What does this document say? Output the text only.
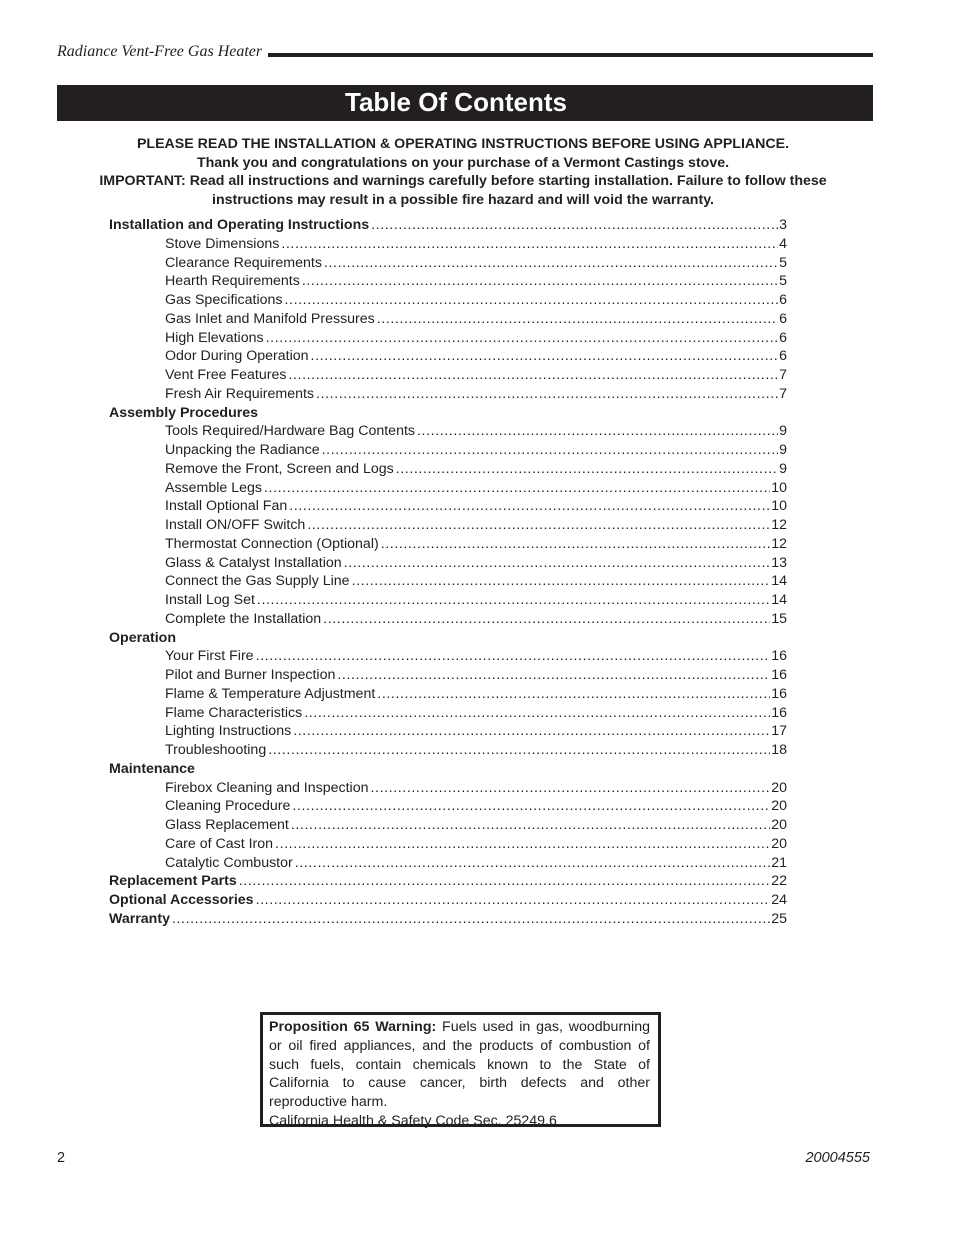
Radiance Vent-Free Gas Heater
Table Of Contents

PLEASE READ THE INSTALLATION & OPERATING INSTRUCTIONS BEFORE USING APPLIANCE.

Thank you and congratulations on your purchase of a Vermont Castings stove.

IMPORTANT: Read all instructions and warnings carefully before starting installation. Failure to follow these

instructions may result in a possible fire hazard and will void the warranty.

Installation and Operating Instructions .....	3
Stove Dimensions .....	4
Clearance Requirements .....	5
Hearth Requirements .....	5
Gas Specifications .....	6
Gas Inlet and Manifold Pressures .....	6
High Elevations .....	6
Odor During Operation .....	6
Vent Free Features .....	7
Fresh Air Requirements .....	7
Assembly Procedures
Tools Required/Hardware Bag Contents .....	9
Unpacking the Radiance .....	9
Remove the Front, Screen and Logs .....	9
Assemble Legs .....	10
Install Optional Fan .....	10
Install ON/OFF Switch .....	12
Thermostat Connection (Optional) .....	12
Glass & Catalyst Installation .....	13
Connect the Gas Supply Line .....	14
Install Log Set .....	14
Complete the Installation .....	15
Operation
Your First Fire .....	16
Pilot and Burner Inspection .....	16
Flame & Temperature Adjustment .....	16
Flame Characteristics .....	16
Lighting Instructions .....	17
Troubleshooting .....	18
Maintenance
Firebox Cleaning and Inspection .....	20
Cleaning Procedure .....	20
Glass Replacement .....	20
Care of Cast Iron .....	20
Catalytic Combustor .....	21
Replacement Parts .....	22
Optional Accessories .....	24
Warranty .....	25

Proposition 65 Warning: Fuels used in gas, woodburning or oil fired appliances, and the products of combustion of such fuels, contain chemicals known to the State of California to cause cancer, birth defects and other reproductive harm.

California Health & Safety Code Sec. 25249.6

2	20004555
